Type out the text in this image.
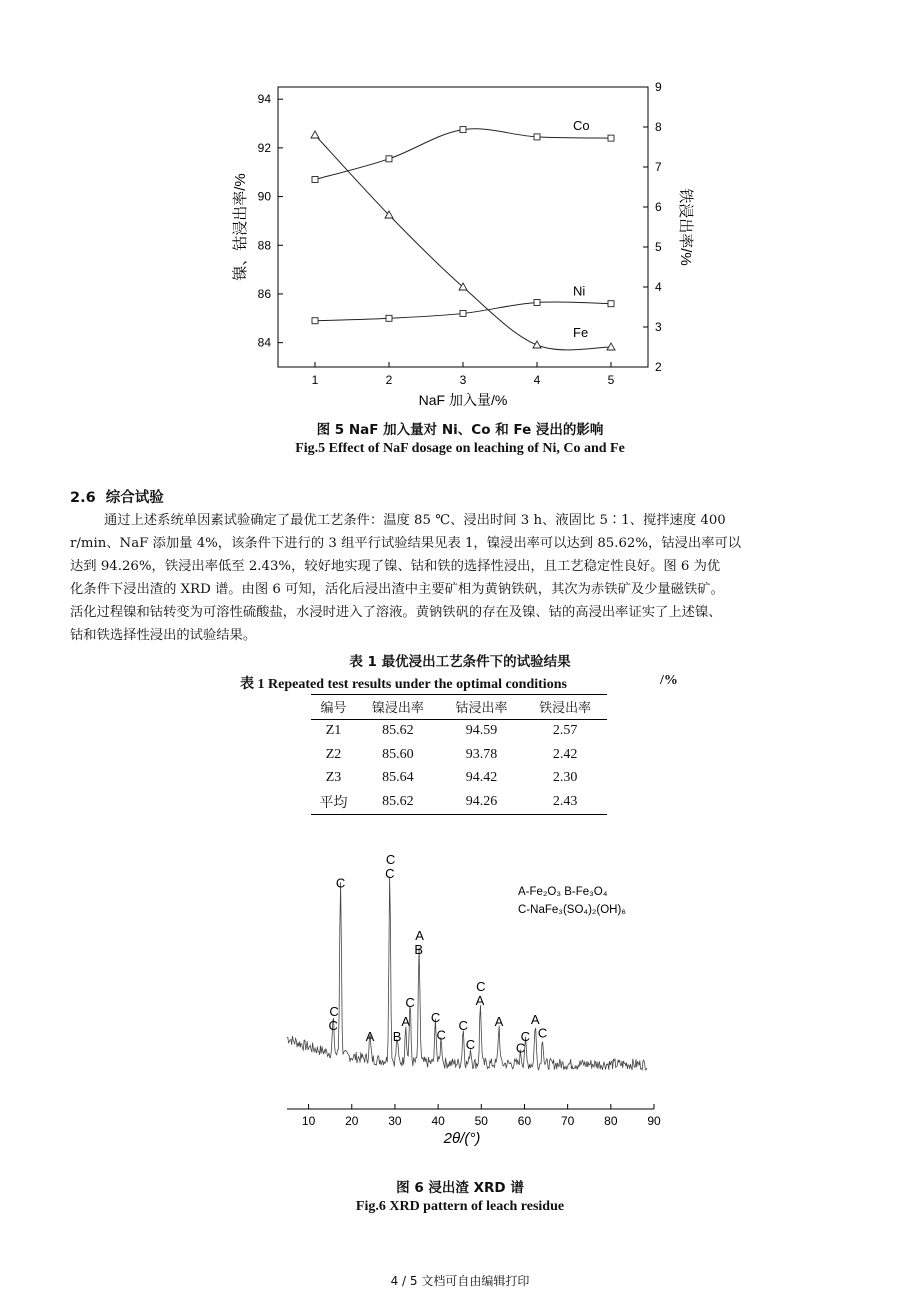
1	2	3	4	5
84
86
88
90
92
94
2
3
4
5
6
7
8
9
Co
Ni
Fe
NaF 加入量/%
镍、钴浸出率/%	铁浸出率/%
图 5 NaF 加入量对 Ni、Co 和 Fe 浸出的影响
Fig.5 Effect of NaF dosage on leaching of Ni, Co and Fe
2.6 综合试验
通过上述系统单因素试验确定了最优工艺条件：温度 85 ℃、浸出时间 3 h、液固比 5∶1、搅拌速度 400
r/min、NaF 添加量 4%，该条件下进行的 3 组平行试验结果见表 1，镍浸出率可以达到 85.62%，钴浸出率可以
达到 94.26%，铁浸出率低至 2.43%，较好地实现了镍、钴和铁的选择性浸出，且工艺稳定性良好。图 6 为优
化条件下浸出渣的 XRD 谱。由图 6 可知，活化后浸出渣中主要矿相为黄钠铁矾，其次为赤铁矿及少量磁铁矿。
活化过程镍和钴转变为可溶性硫酸盐，水浸时进入了溶液。黄钠铁矾的存在及镍、钴的高浸出率证实了上述镍、
钴和铁选择性浸出的试验结果。
表 1 最优浸出工艺条件下的试验结果
表 1 Repeated test results under the optimal conditions	/%
编号	镍浸出率	钴浸出率	铁浸出率
Z1	85.62	94.59	2.57
Z2	85.60	93.78	2.42
Z3	85.64	94.42	2.30
平均	85.62	94.26	2.43
10 20 30 40 50 60 70 80 90
C
C
C
A
C
C
B
A
C
B
A
C
C
C
C
A
C
A
C
C
A
C
A-Fe₂O₃ B-Fe₃O₄
C-NaFe₃(SO₄)₂(OH)₆
2θ/(°)
图 6 浸出渣 XRD 谱
Fig.6 XRD pattern of leach residue
4 / 5 文档可自由编辑打印
